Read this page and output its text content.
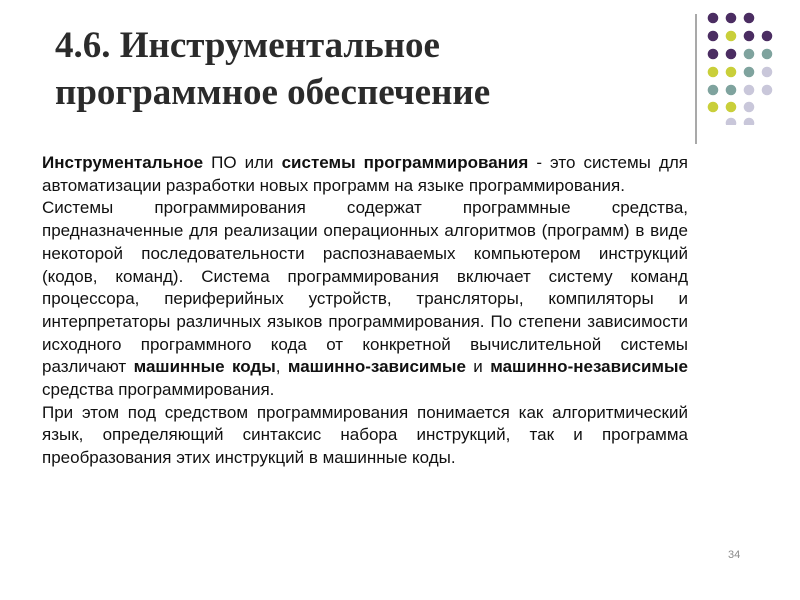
4.6. Инструментальное
программное обеспечение

Инструментальное ПО или системы программирования - это системы для автоматизации разработки новых программ на языке программирования.

Системы программирования содержат программные средства, предназначенные для реализации операционных алгоритмов (программ) в виде некоторой последовательности распознаваемых компьютером инструкций (кодов, команд). Система программирования включает систему команд процессора, периферийных устройств, трансляторы, компиляторы и интерпретаторы различных языков программирования. По степени зависимости исходного программного кода от конкретной вычислительной системы различают машинные коды, машинно-зависимые и машинно-независимые средства программирования.

При этом под средством программирования понимается как алгоритмический язык, определяющий синтаксис набора инструкций, так и программа преобразования этих инструкций в машинные коды.

34
